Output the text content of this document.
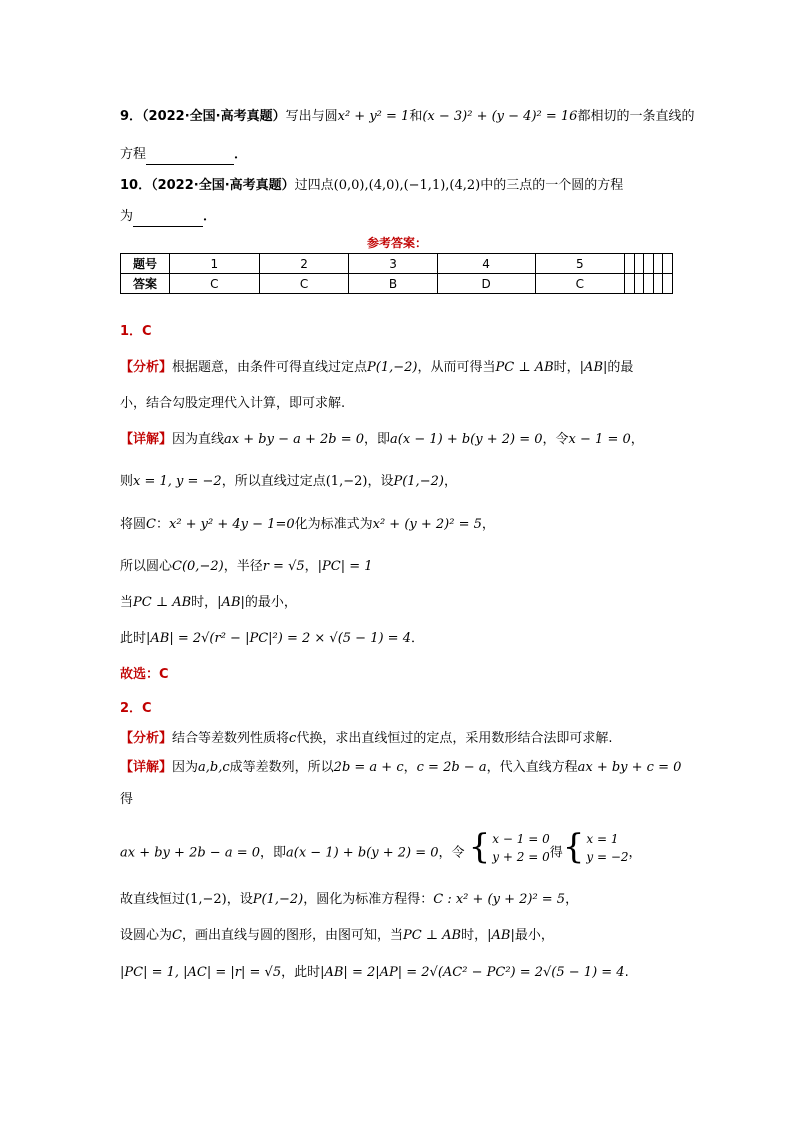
9．（2022·全国·高考真题）写出与圆x² + y² = 1和(x − 3)² + (y − 4)² = 16都相切的一条直线的
方程	．
10．（2022·全国·高考真题）过四点(0,0),(4,0),(−1,1),(4,2)中的三点的一个圆的方程
为	．
参考答案：
题号	1	2	3	4	5					
答案	C	C	B	D	C					
1．C
【分析】根据题意，由条件可得直线过定点P(1,−2)，从而可得当PC ⊥ AB时，|AB|的最
小，结合勾股定理代入计算，即可求解.
【详解】因为直线ax + by − a + 2b = 0，即a(x − 1) + b(y + 2) = 0，令x − 1 = 0，
则x = 1, y = −2，所以直线过定点(1,−2)，设P(1,−2)，
将圆C：x² + y² + 4y − 1=0化为标准式为x² + (y + 2)² = 5，
所以圆心C(0,−2)，半径r = √5，|PC| = 1
当PC ⊥ AB时，|AB|的最小，
此时|AB| = 2√(r² − |PC|²) = 2 × √(5 − 1) = 4．
故选：C
2．C
【分析】结合等差数列性质将c代换，求出直线恒过的定点，采用数形结合法即可求解.
【详解】因为a,b,c成等差数列，所以2b = a + c，c = 2b − a，代入直线方程ax + by + c = 0
得
ax + by + 2b − a = 0，即a(x − 1) + b(y + 2) = 0，令 { x − 1 = 0
y + 2 = 0得 { x = 1
y = −2，
故直线恒过(1,−2)，设P(1,−2)，圆化为标准方程得：C : x² + (y + 2)² = 5，
设圆心为C，画出直线与圆的图形，由图可知，当PC ⊥ AB时，|AB|最小，
|PC| = 1, |AC| = |r| = √5，此时|AB| = 2|AP| = 2√(AC² − PC²) = 2√(5 − 1) = 4.
